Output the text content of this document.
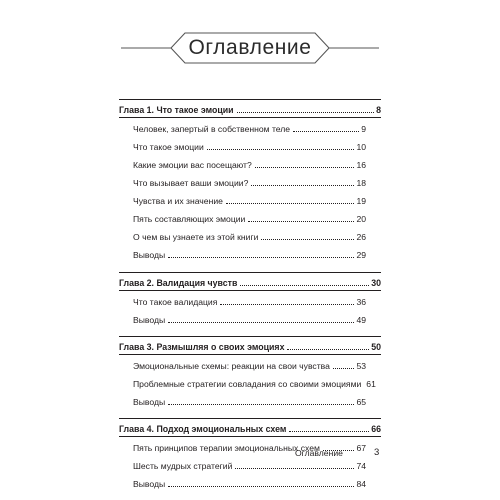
Оглавление
Глава 1. Что такое эмоции	8
Человек, запертый в собственном теле	9
Что такое эмоции	10
Какие эмоции вас посещают?	16
Что вызывает ваши эмоции?	18
Чувства и их значение	19
Пять составляющих эмоции	20
О чем вы узнаете из этой книги	26
Выводы	29
Глава 2. Валидация чувств	30
Что такое валидация	36
Выводы	49
Глава 3. Размышляя о своих эмоциях	50
Эмоциональные схемы: реакции на свои чувства	53
Проблемные стратегии совладания со своими эмоциями 61
Выводы	65
Глава 4. Подход эмоциональных схем	66
Пять принципов терапии эмоциональных схем	67
Шесть мудрых стратегий	74
Выводы	84
Оглавление	3
